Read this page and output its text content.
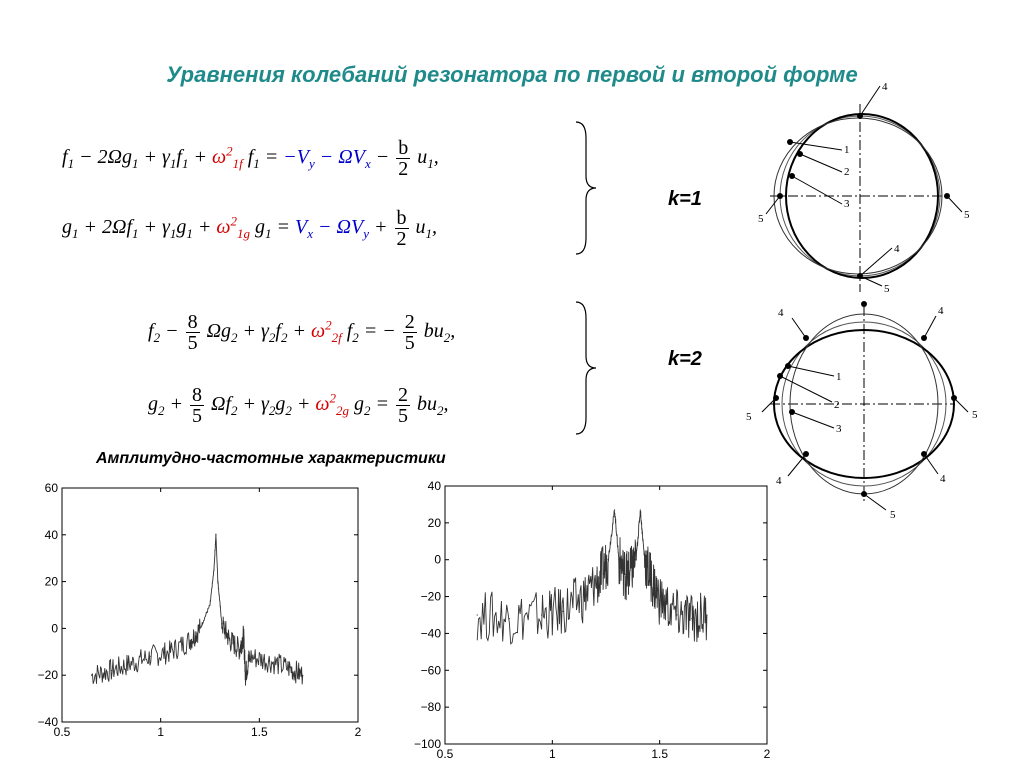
Уравнения колебаний резонатора по первой и второй форме
$f_1 - 2\Omega g_1 + \gamma_1f_1 + \omega^2_{1f}$ $f_1 = -V_y - \Omega V_x - \frac{b}{2} u_1$,
$g_1 + 2\Omega f_1 + \gamma_1g_1 + \omega^2_{1g}$ $g_1 = V_x - \Omega V_y + \frac{b}{2} u_1$,
$f_2 - \frac{8}{5} \Omega g_2 + \gamma_2f_2 + \omega^2_{2f}$ $f_2$ = − $\frac{2}{5} bu_2$,
$g_2 + \frac{8}{5} \Omega f_2 + \gamma_2g_2 + \omega^2_{2g}$ $g_2 = \frac{2}{5} bu_2$,
k=1
k=2
4
1
2
3
5	5
4
5
4	4
1
2
3
5	5
4	4
5
Амплитудно-частотные характеристики
0.5	1	1.5	2
−40
−20
0
20
40
60
0.5	1	1.5	2
−100
−80
−60
−40
−20
0
20
40
